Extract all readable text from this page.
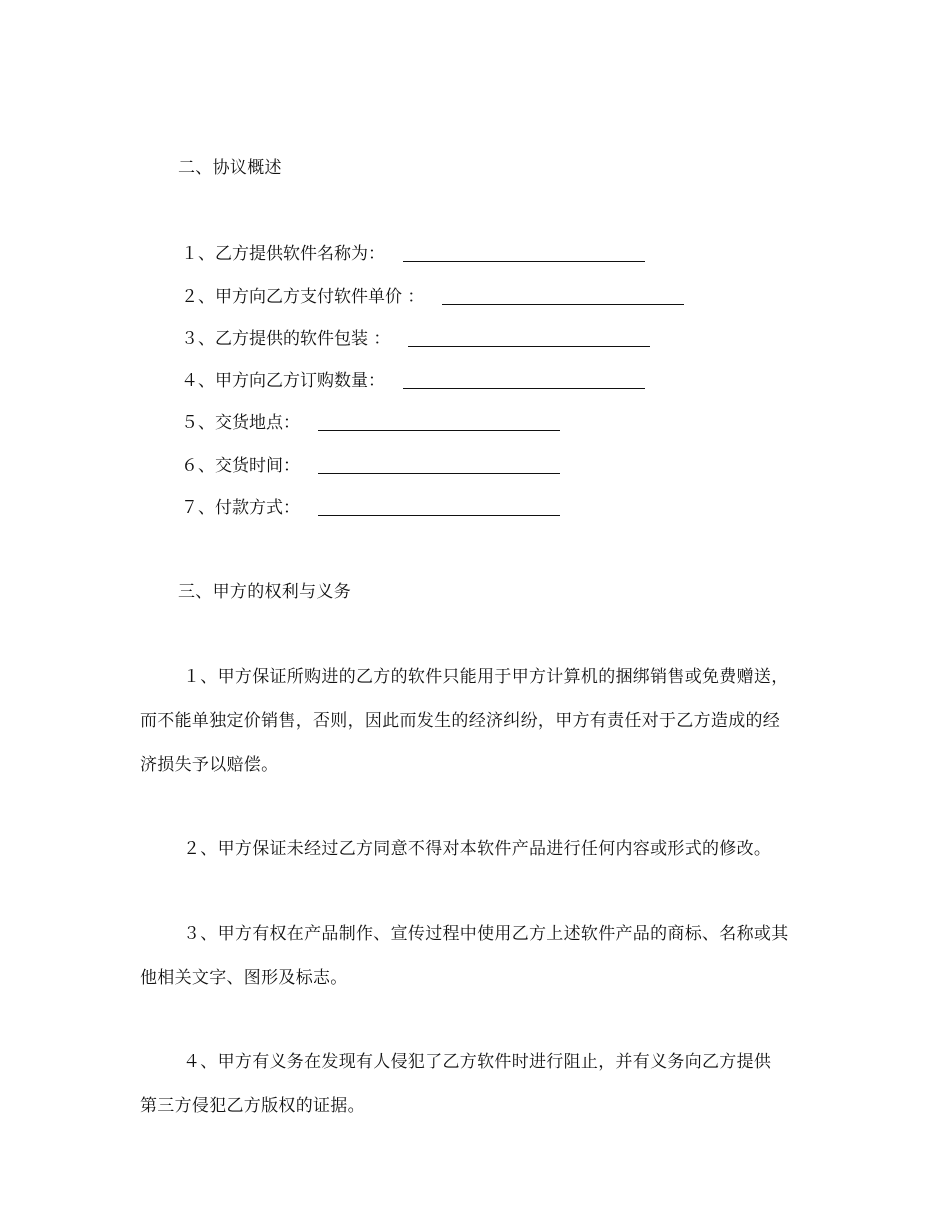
二、协议概述
１、乙方提供软件名称为：
２、甲方向乙方支付软件单价 ：
３、乙方提供的软件包装 ：
４、甲方向乙方订购数量：
５、交货地点：
６、交货时间：
７、付款方式：
三、甲方的权利与义务
１、甲方保证所购进的乙方的软件只能用于甲方计算机的捆绑销售或免费赠送，
而不能单独定价销售，否则，因此而发生的经济纠纷，甲方有责任对于乙方造成的经
济损失予以赔偿。
２、甲方保证未经过乙方同意不得对本软件产品进行任何内容或形式的修改。
３、甲方有权在产品制作、宣传过程中使用乙方上述软件产品的商标、名称或其
他相关文字、图形及标志。
４、甲方有义务在发现有人侵犯了乙方软件时进行阻止，并有义务向乙方提供
第三方侵犯乙方版权的证据。
